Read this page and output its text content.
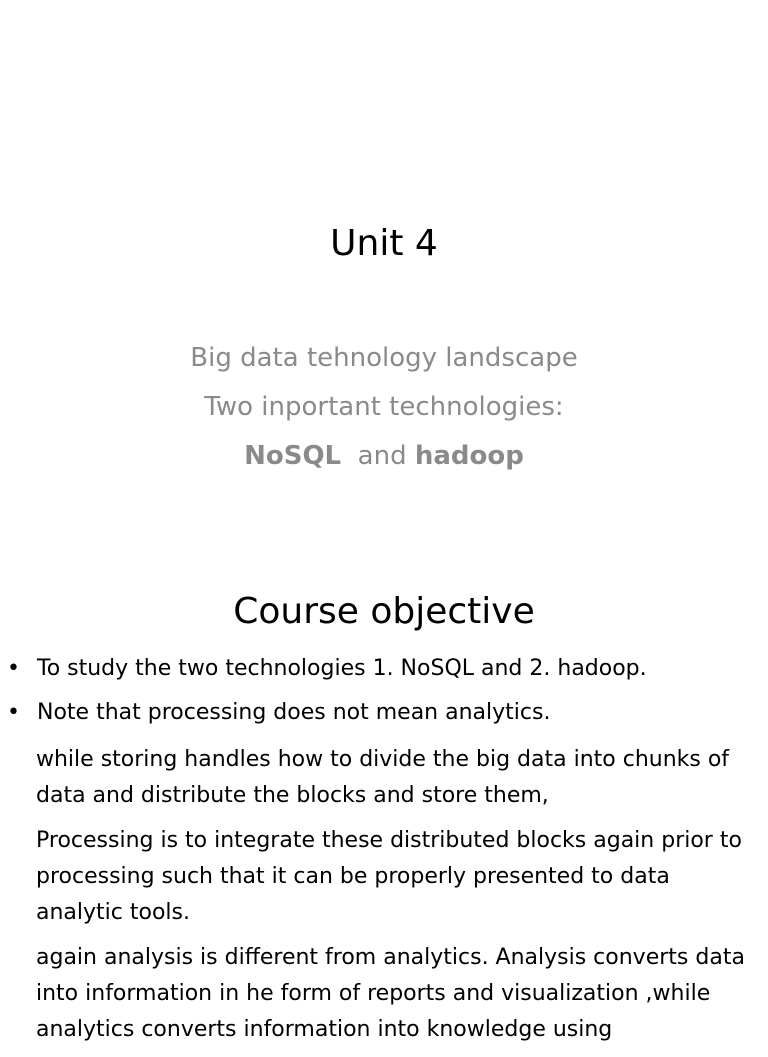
Unit 4
Big data tehnology landscape
Two inportant technologies:
NoSQL  and hadoop
Course objective
• To study the two technologies 1. NoSQL and 2. hadoop.
• Note that processing does not mean analytics.
while storing handles how to divide the big data into chunks of data and distribute the blocks and store them,
Processing is to integrate these distributed blocks again prior to processing such that it can be properly presented to data analytic tools.
again analysis is different from analytics. Analysis converts data into information in he form of reports and visualization ,while analytics converts information into knowledge using
